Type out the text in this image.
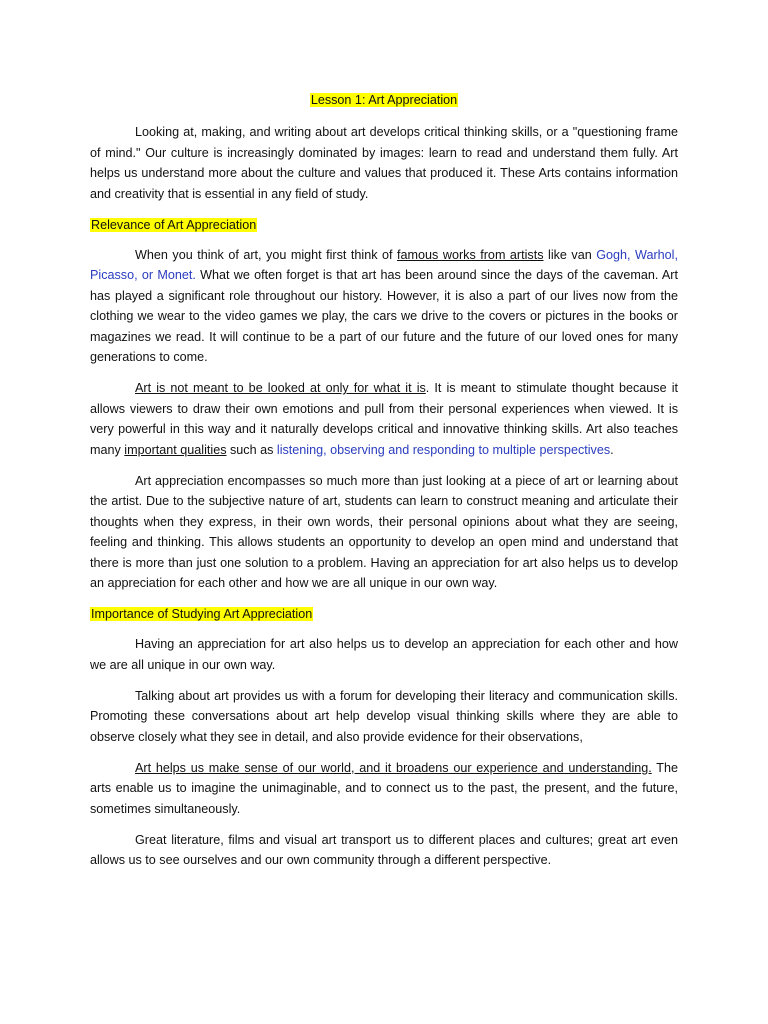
Lesson 1: Art Appreciation

Looking at, making, and writing about art develops critical thinking skills, or a "questioning frame of mind." Our culture is increasingly dominated by images: learn to read and understand them fully. Art helps us understand more about the culture and values that produced it. These Arts contains information and creativity that is essential in any field of study.

Relevance of Art Appreciation

When you think of art, you might first think of famous works from artists like van Gogh, Warhol, Picasso, or Monet. What we often forget is that art has been around since the days of the caveman. Art has played a significant role throughout our history. However, it is also a part of our lives now from the clothing we wear to the video games we play, the cars we drive to the covers or pictures in the books or magazines we read. It will continue to be a part of our future and the future of our loved ones for many generations to come.

Art is not meant to be looked at only for what it is. It is meant to stimulate thought because it allows viewers to draw their own emotions and pull from their personal experiences when viewed. It is very powerful in this way and it naturally develops critical and innovative thinking skills. Art also teaches many important qualities such as listening, observing and responding to multiple perspectives.

Art appreciation encompasses so much more than just looking at a piece of art or learning about the artist. Due to the subjective nature of art, students can learn to construct meaning and articulate their thoughts when they express, in their own words, their personal opinions about what they are seeing, feeling and thinking. This allows students an opportunity to develop an open mind and understand that there is more than just one solution to a problem. Having an appreciation for art also helps us to develop an appreciation for each other and how we are all unique in our own way.

Importance of Studying Art Appreciation

Having an appreciation for art also helps us to develop an appreciation for each other and how we are all unique in our own way.

Talking about art provides us with a forum for developing their literacy and communication skills. Promoting these conversations about art help develop visual thinking skills where they are able to observe closely what they see in detail, and also provide evidence for their observations,

Art helps us make sense of our world, and it broadens our experience and understanding. The arts enable us to imagine the unimaginable, and to connect us to the past, the present, and the future, sometimes simultaneously.

Great literature, films and visual art transport us to different places and cultures; great art even allows us to see ourselves and our own community through a different perspective.
